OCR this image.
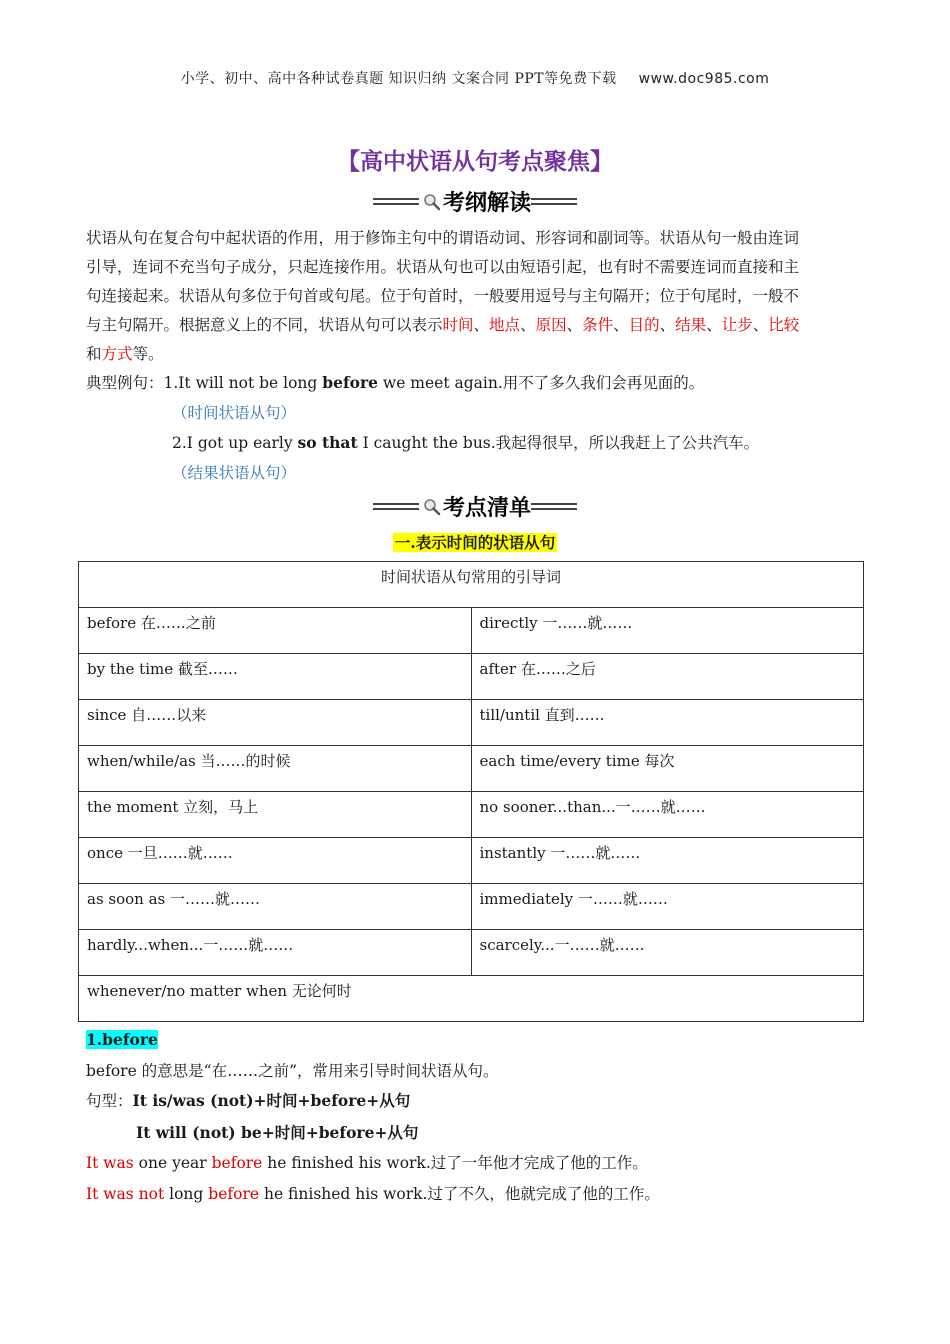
小学、初中、高中各种试卷真题 知识归纳 文案合同 PPT等免费下载 www.doc985.com
【高中状语从句考点聚焦】
考纲解读
状语从句在复合句中起状语的作用，用于修饰主句中的谓语动词、形容词和副词等。状语从句一般由连词
引导，连词不充当句子成分，只起连接作用。状语从句也可以由短语引起，也有时不需要连词而直接和主
句连接起来。状语从句多位于句首或句尾。位于句首时，一般要用逗号与主句隔开；位于句尾时，一般不
与主句隔开。根据意义上的不同，状语从句可以表示时间、地点、原因、条件、目的、结果、让步、比较
和方式等。
典型例句：1.It will not be long before we meet again.用不了多久我们会再见面的。
（时间状语从句）
2.I got up early so that I caught the bus.我起得很早，所以我赶上了公共汽车。
（结果状语从句）
考点清单
一.表示时间的状语从句
时间状语从句常用的引导词	
before 在……之前	directly 一……就……
by the time 截至……	after 在……之后
since 自……以来	till/until 直到……
when/while/as 当……的时候	each time/every time 每次
the moment 立刻，马上	no sooner...than...一……就……
once 一旦……就……	instantly 一……就……
as soon as 一……就……	immediately 一……就……
hardly...when...一……就……	scarcely...一……就……
whenever/no matter when 无论何时	
1.before
before 的意思是“在……之前”，常用来引导时间状语从句。
句型：It is/was (not)+时间+before+从句
It will (not) be+时间+before+从句
It was one year before he finished his work.过了一年他才完成了他的工作。
It was not long before he finished his work.过了不久，他就完成了他的工作。
